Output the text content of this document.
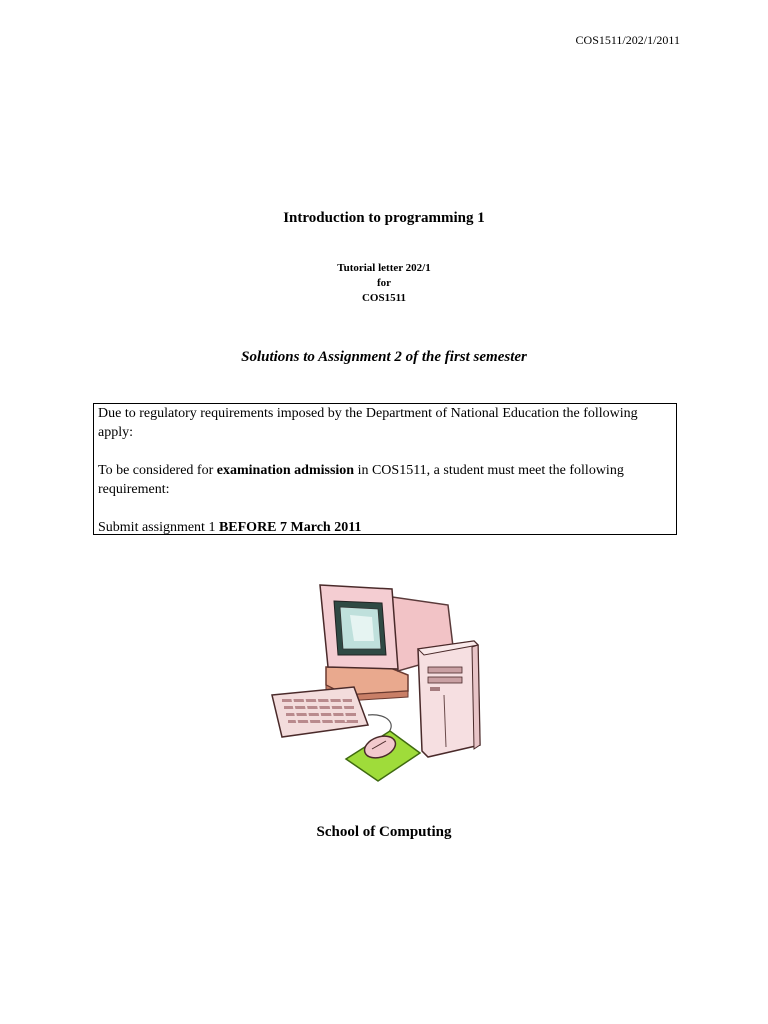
COS1511/202/1/2011
Introduction to programming 1
Tutorial letter 202/1
for
COS1511
Solutions to Assignment 2 of the first semester

Due to regulatory requirements imposed by the Department of National Education the following apply:

To be considered for examination admission in COS1511, a student must meet the following requirement:

Submit assignment 1 BEFORE 7 March 2011

School of Computing
